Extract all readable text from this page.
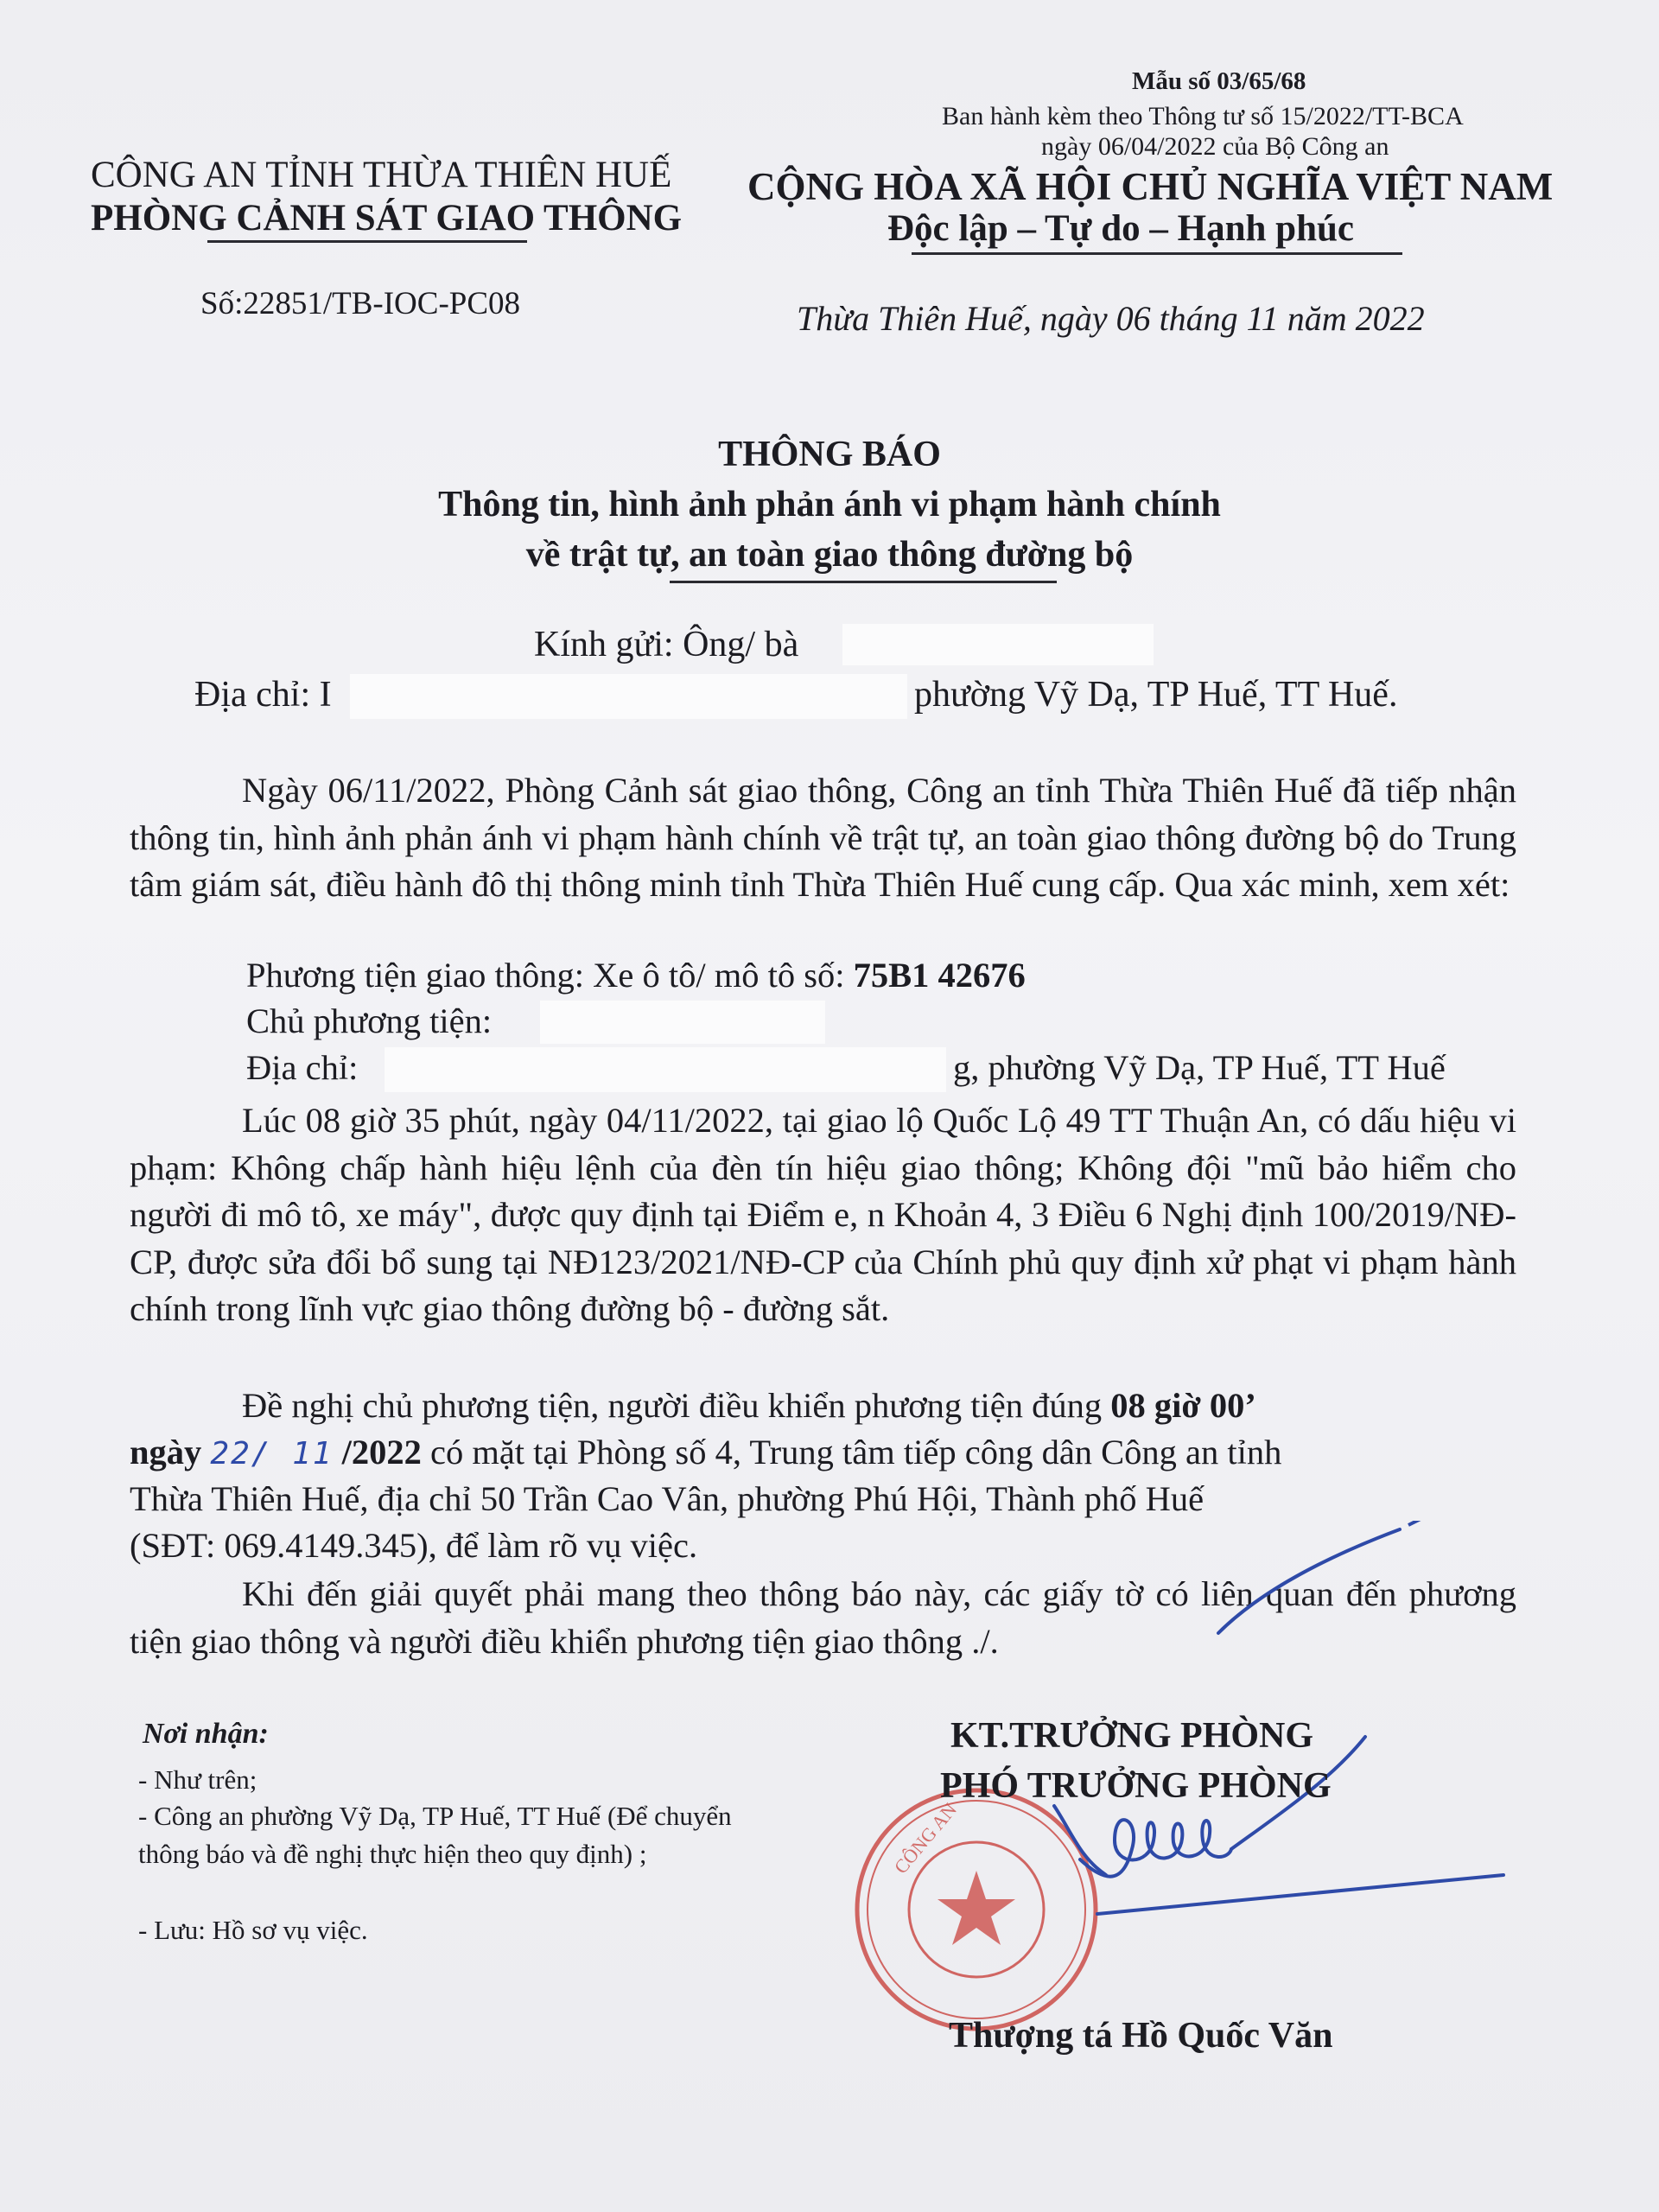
Mẫu số 03/65/68
Ban hành kèm theo Thông tư số 15/2022/TT-BCA
ngày 06/04/2022 của Bộ Công an
CÔNG AN TỈNH THỪA THIÊN HUẾ
PHÒNG CẢNH SÁT GIAO THÔNG
Số:22851/TB-IOC-PC08
CỘNG HÒA XÃ HỘI CHỦ NGHĨA VIỆT NAM
Độc lập – Tự do – Hạnh phúc
Thừa Thiên Huế, ngày 06 tháng 11 năm 2022
THÔNG BÁO
Thông tin, hình ảnh phản ánh vi phạm hành chính
về trật tự, an toàn giao thông đường bộ
Kính gửi: Ông/ bà
Địa chỉ: I	phường Vỹ Dạ, TP Huế, TT Huế.
Ngày 06/11/2022, Phòng Cảnh sát giao thông, Công an tỉnh Thừa Thiên Huế đã tiếp nhận thông tin, hình ảnh phản ánh vi phạm hành chính về trật tự, an toàn giao thông đường bộ do Trung tâm giám sát, điều hành đô thị thông minh tỉnh Thừa Thiên Huế cung cấp. Qua xác minh, xem xét:
Phương tiện giao thông: Xe ô tô/ mô tô số: 75B1 42676
Chủ phương tiện:
Địa chỉ:	g, phường Vỹ Dạ, TP Huế, TT Huế
Lúc 08 giờ 35 phút, ngày 04/11/2022, tại giao lộ Quốc Lộ 49 TT Thuận An, có dấu hiệu vi phạm: Không chấp hành hiệu lệnh của đèn tín hiệu giao thông; Không đội "mũ bảo hiểm cho người đi mô tô, xe máy", được quy định tại Điểm e, n Khoản 4, 3 Điều 6 Nghị định 100/2019/NĐ-CP, được sửa đổi bổ sung tại NĐ123/2021/NĐ-CP của Chính phủ quy định xử phạt vi phạm hành chính trong lĩnh vực giao thông đường bộ - đường sắt.
Đề nghị chủ phương tiện, người điều khiển phương tiện đúng 08 giờ 00’
ngày 22/ 11 /2022 có mặt tại Phòng số 4, Trung tâm tiếp công dân Công an tỉnh
Thừa Thiên Huế, địa chỉ 50 Trần Cao Vân, phường Phú Hội, Thành phố Huế
(SĐT: 069.4149.345), để làm rõ vụ việc.
Khi đến giải quyết phải mang theo thông báo này, các giấy tờ có liên quan đến phương tiện giao thông và người điều khiển phương tiện giao thông ./.
Nơi nhận:
- Như trên;
- Công an phường Vỹ Dạ, TP Huế, TT Huế (Để chuyển thông báo và đề nghị thực hiện theo quy định) ;
- Lưu: Hồ sơ vụ việc.
CÔNG AN
KT.TRƯỞNG PHÒNG
PHÓ TRƯỞNG PHÒNG
Thượng tá Hồ Quốc Văn
